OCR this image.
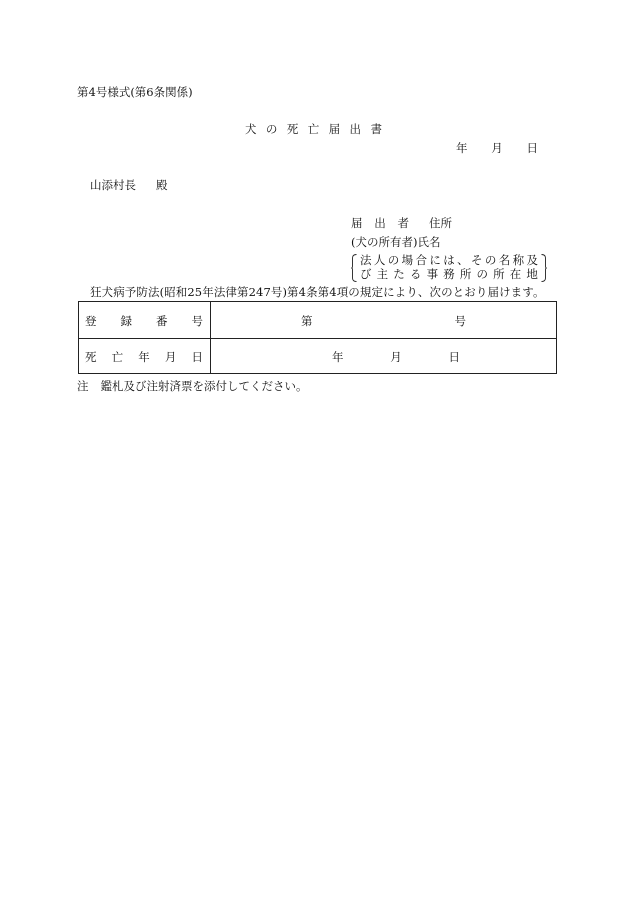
第4号様式(第6条関係)
犬 の 死 亡 届 出 書
年 月 日
山添村長 殿
届 出 者 住所
(犬の所有者)氏名
法 人 の 場 合 に は 、 そ の 名 称 及
び 主 た る 事 務 所 の 所 在 地
狂犬病予防法(昭和25年法律第247号)第4条第4項の規定により、次のとおり届けます。
登 録 番 号	第	号
死 亡 年 月 日	年	月	日
注 鑑札及び注射済票を添付してください。
